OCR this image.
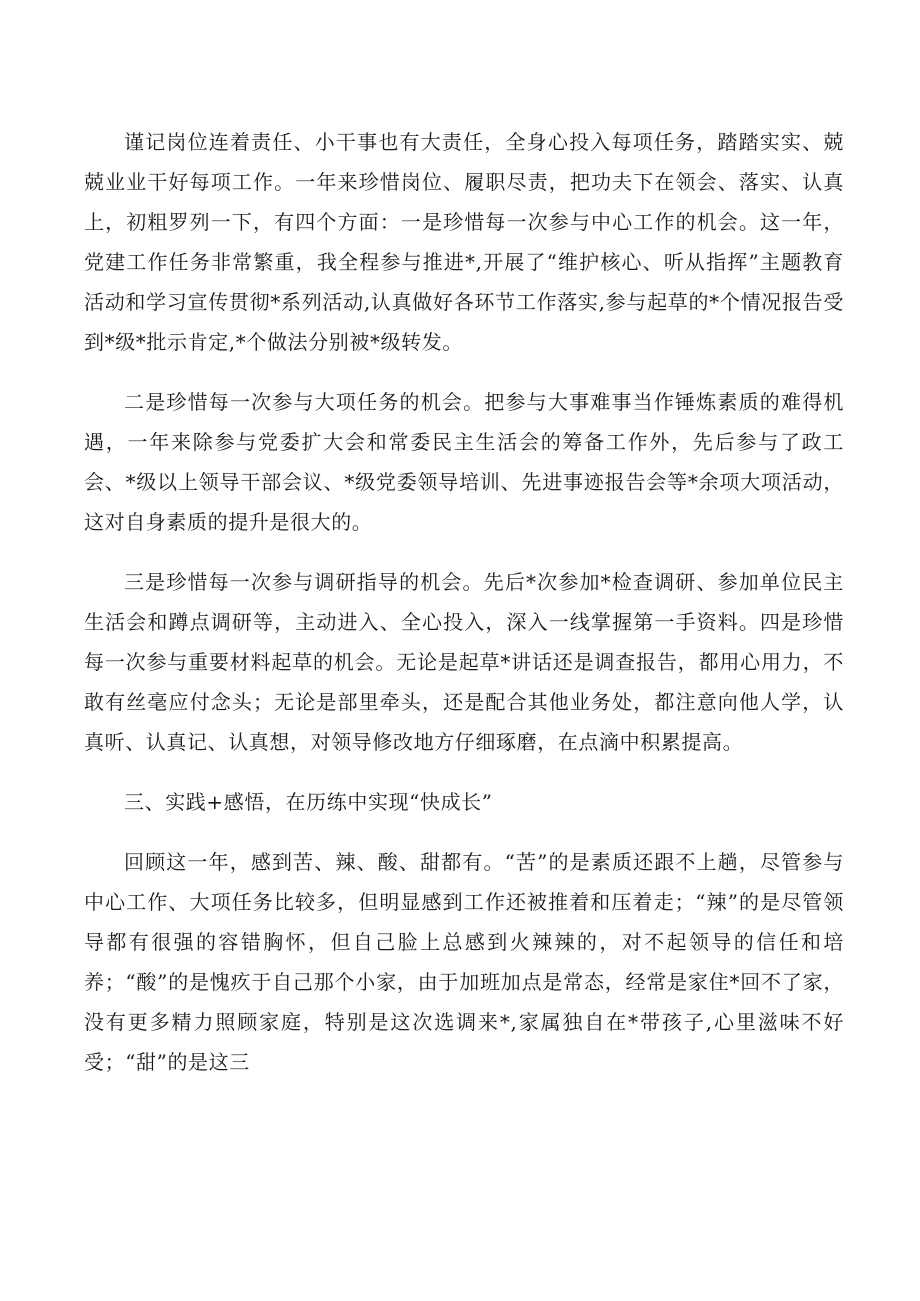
谨记岗位连着责任、小干事也有大责任，全身心投入每项任务，踏踏实实、兢兢业业干好每项工作。一年来珍惜岗位、履职尽责，把功夫下在领会、落实、认真上，初粗罗列一下，有四个方面：一是珍惜每一次参与中心工作的机会。这一年，党建工作任务非常繁重，我全程参与推进*,开展了“维护核心、听从指挥”主题教育活动和学习宣传贯彻*系列活动,认真做好各环节工作落实,参与起草的*个情况报告受到*级*批示肯定,*个做法分别被*级转发。

二是珍惜每一次参与大项任务的机会。把参与大事难事当作锤炼素质的难得机遇，一年来除参与党委扩大会和常委民主生活会的筹备工作外，先后参与了政工会、*级以上领导干部会议、*级党委领导培训、先进事迹报告会等*余项大项活动，这对自身素质的提升是很大的。

三是珍惜每一次参与调研指导的机会。先后*次参加*检查调研、参加单位民主生活会和蹲点调研等，主动进入、全心投入，深入一线掌握第一手资料。四是珍惜每一次参与重要材料起草的机会。无论是起草*讲话还是调查报告，都用心用力，不敢有丝毫应付念头；无论是部里牵头，还是配合其他业务处，都注意向他人学，认真听、认真记、认真想，对领导修改地方仔细琢磨，在点滴中积累提高。

三、实践+感悟，在历练中实现“快成长”

回顾这一年，感到苦、辣、酸、甜都有。“苦”的是素质还跟不上趟，尽管参与中心工作、大项任务比较多，但明显感到工作还被推着和压着走；“辣”的是尽管领导都有很强的容错胸怀，但自己脸上总感到火辣辣的，对不起领导的信任和培养；“酸”的是愧疚于自己那个小家，由于加班加点是常态，经常是家住*回不了家，没有更多精力照顾家庭，特别是这次选调来*,家属独自在*带孩子,心里滋味不好受；“甜”的是这三
